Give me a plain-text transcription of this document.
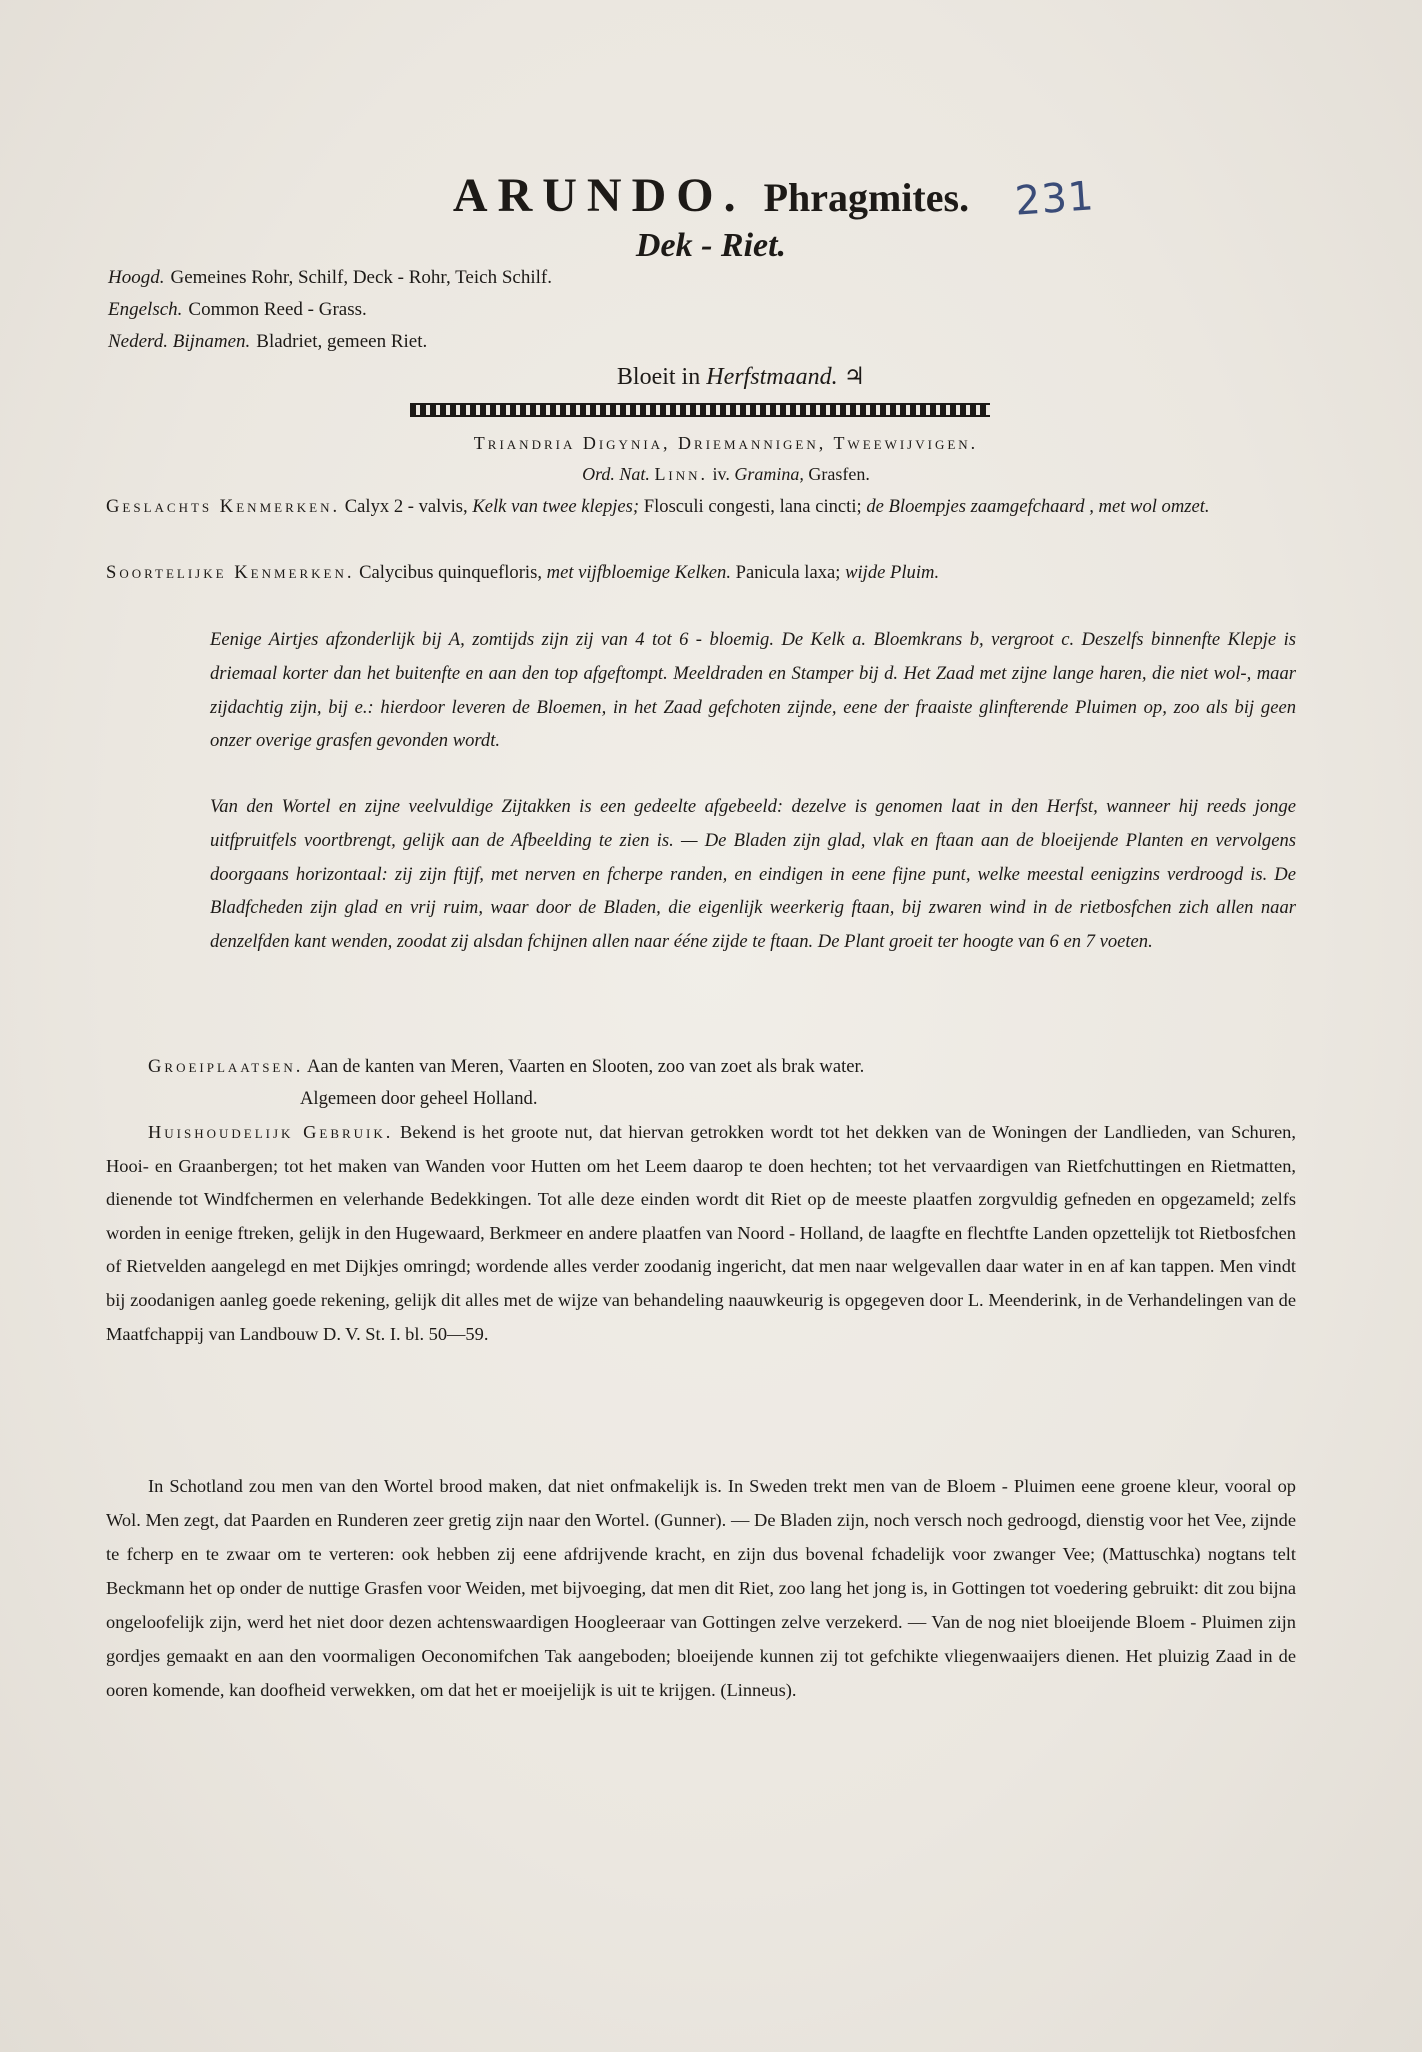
231
ARUNDO. Phragmites.
Dek - Riet.
Hoogd. Gemeines Rohr, Schilf, Deck - Rohr, Teich Schilf.
Engelsch. Common Reed - Grass.
Nederd. Bijnamen. Bladriet, gemeen Riet.
Bloeit in Herfstmaand. ♃
Triandria Digynia, Driemannigen, Tweewijvigen.
Ord. Nat. Linn. iv. Gramina, Grasfen.

Geslachts Kenmerken. Calyx 2 - valvis, Kelk van twee klepjes; Flosculi congesti, lana cincti; de Bloempjes zaamgefchaard , met wol omzet.

Soortelijke Kenmerken. Calycibus quinquefloris, met vijfbloemige Kelken. Panicula laxa; wijde Pluim.

Eenige Airtjes afzonderlijk bij A, zomtijds zijn zij van 4 tot 6 - bloemig. De Kelk a. Bloemkrans b, vergroot c. Deszelfs binnenfte Klepje is driemaal korter dan het buitenfte en aan den top afgeftompt. Meeldraden en Stamper bij d. Het Zaad met zijne lange haren, die niet wol-, maar zijdachtig zijn, bij e.: hierdoor leveren de Bloemen, in het Zaad gefchoten zijnde, eene der fraaiste glinfterende Pluimen op, zoo als bij geen onzer overige grasfen gevonden wordt.

Van den Wortel en zijne veelvuldige Zijtakken is een gedeelte afgebeeld: dezelve is genomen laat in den Herfst, wanneer hij reeds jonge uitfpruitfels voortbrengt, gelijk aan de Afbeelding te zien is. — De Bladen zijn glad, vlak en ftaan aan de bloeijende Planten en vervolgens doorgaans horizontaal: zij zijn ftijf, met nerven en fcherpe randen, en eindigen in eene fijne punt, welke meestal eenigzins verdroogd is. De Bladfcheden zijn glad en vrij ruim, waar door de Bladen, die eigenlijk weerkerig ftaan, bij zwaren wind in de rietbosfchen zich allen naar denzelfden kant wenden, zoodat zij alsdan fchijnen allen naar ééne zijde te ftaan. De Plant groeit ter hoogte van 6 en 7 voeten.

Groeiplaatsen. Aan de kanten van Meren, Vaarten en Slooten, zoo van zoet als brak water.

Algemeen door geheel Holland.

Huishoudelijk Gebruik. Bekend is het groote nut, dat hiervan getrokken wordt tot het dekken van de Woningen der Landlieden, van Schuren, Hooi- en Graanbergen; tot het maken van Wanden voor Hutten om het Leem daarop te doen hechten; tot het vervaardigen van Rietfchuttingen en Rietmatten, dienende tot Windfchermen en velerhande Bedekkingen. Tot alle deze einden wordt dit Riet op de meeste plaatfen zorgvuldig gefneden en opgezameld; zelfs worden in eenige ftreken, gelijk in den Hugewaard, Berkmeer en andere plaatfen van Noord - Holland, de laagfte en flechtfte Landen opzettelijk tot Rietbosfchen of Rietvelden aangelegd en met Dijkjes omringd; wordende alles verder zoodanig ingericht, dat men naar welgevallen daar water in en af kan tappen. Men vindt bij zoodanigen aanleg goede rekening, gelijk dit alles met de wijze van behandeling naauwkeurig is opgegeven door L. Meenderink, in de Verhandelingen van de Maatfchappij van Landbouw D. V. St. I. bl. 50—59.

In Schotland zou men van den Wortel brood maken, dat niet onfmakelijk is. In Sweden trekt men van de Bloem - Pluimen eene groene kleur, vooral op Wol. Men zegt, dat Paarden en Runderen zeer gretig zijn naar den Wortel. (Gunner). — De Bladen zijn, noch versch noch gedroogd, dienstig voor het Vee, zijnde te fcherp en te zwaar om te verteren: ook hebben zij eene afdrijvende kracht, en zijn dus bovenal fchadelijk voor zwanger Vee; (Mattuschka) nogtans telt Beckmann het op onder de nuttige Grasfen voor Weiden, met bijvoeging, dat men dit Riet, zoo lang het jong is, in Gottingen tot voedering gebruikt: dit zou bijna ongeloofelijk zijn, werd het niet door dezen achtenswaardigen Hoogleeraar van Gottingen zelve verzekerd. — Van de nog niet bloeijende Bloem - Pluimen zijn gordjes gemaakt en aan den voormaligen Oeconomifchen Tak aangeboden; bloeijende kunnen zij tot gefchikte vliegenwaaijers dienen. Het pluizig Zaad in de ooren komende, kan doofheid verwekken, om dat het er moeijelijk is uit te krijgen. (Linneus).
